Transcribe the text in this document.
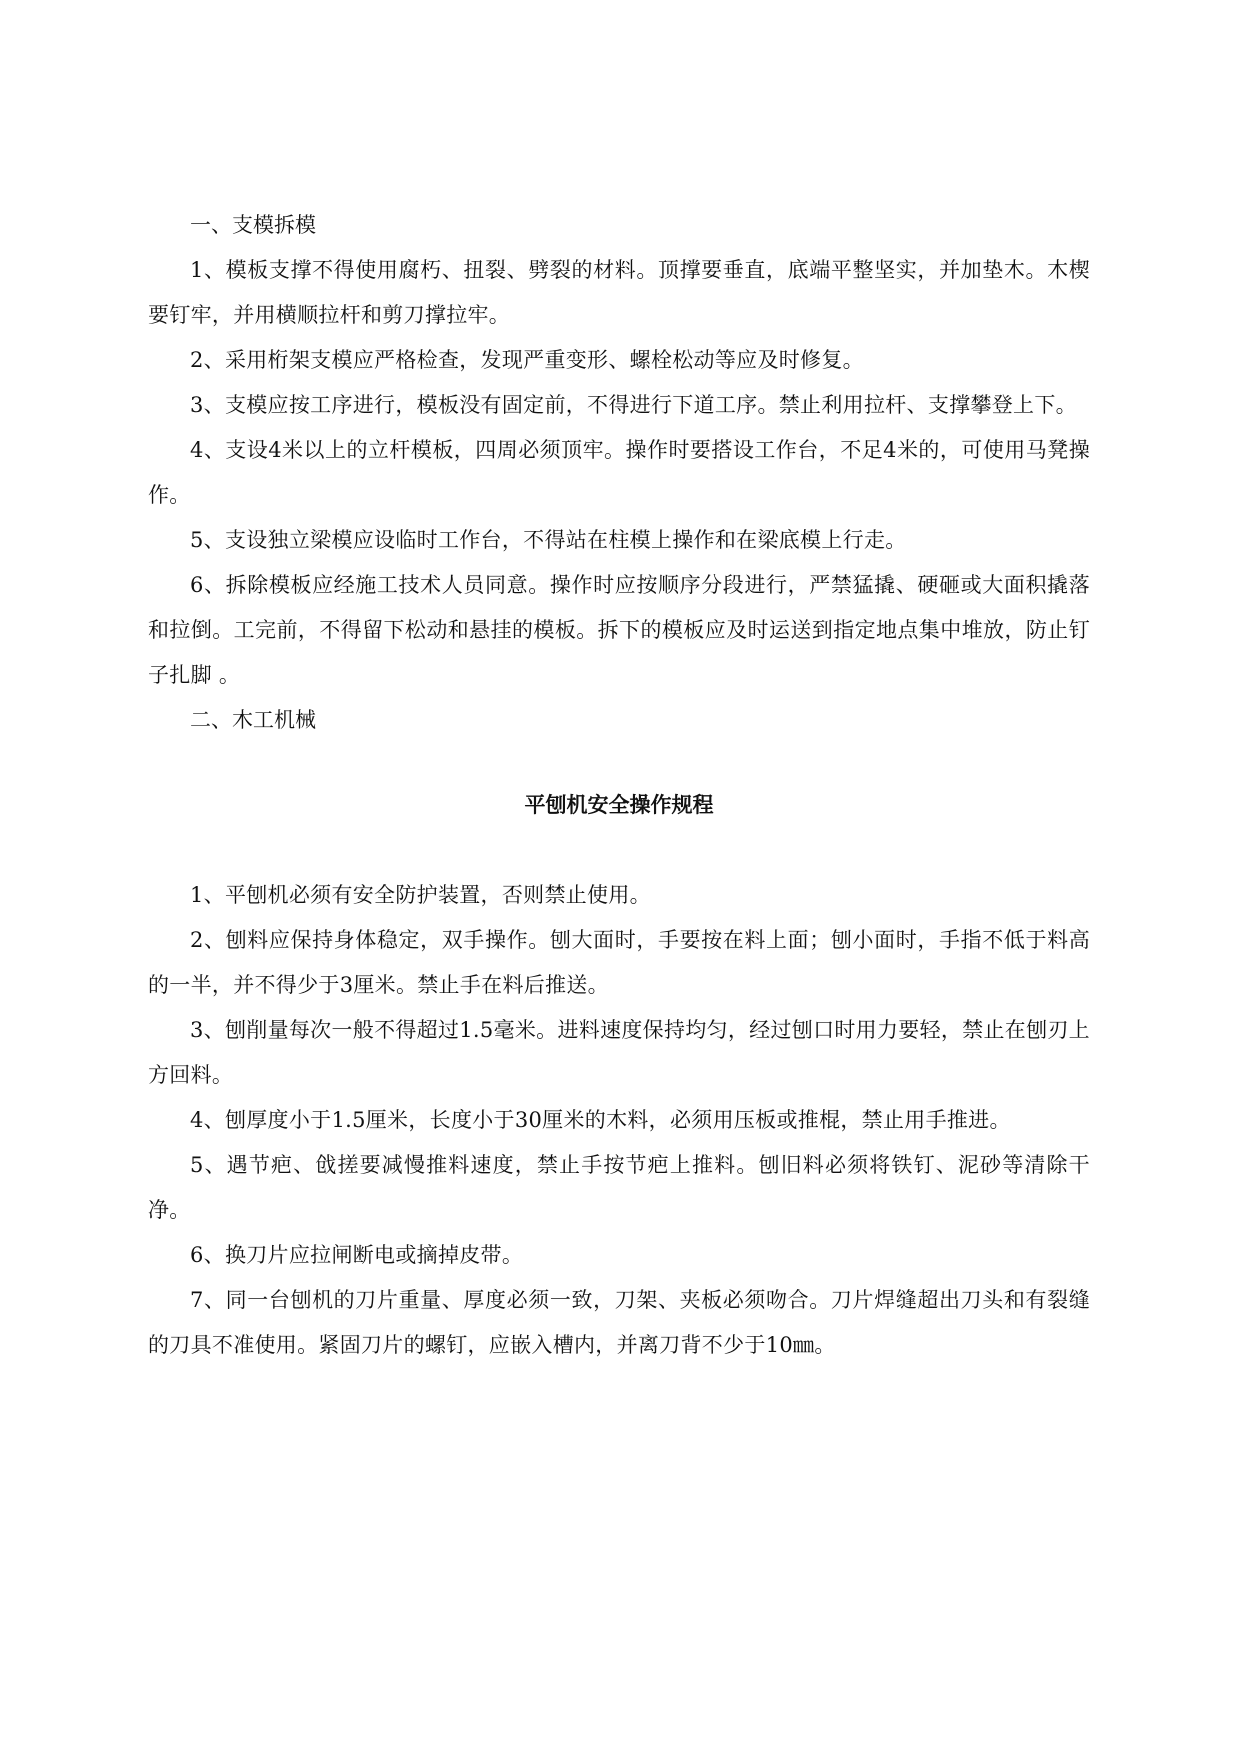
一、支模拆模

1、模板支撑不得使用腐朽、扭裂、劈裂的材料。顶撑要垂直，底端平整坚实，并加垫木。木楔要钉牢，并用横顺拉杆和剪刀撑拉牢。

2、采用桁架支模应严格检查，发现严重变形、螺栓松动等应及时修复。

3、支模应按工序进行，模板没有固定前，不得进行下道工序。禁止利用拉杆、支撑攀登上下。

4、支设4米以上的立杆模板，四周必须顶牢。操作时要搭设工作台，不足4米的，可使用马凳操作。

5、支设独立梁模应设临时工作台，不得站在柱模上操作和在梁底模上行走。

6、拆除模板应经施工技术人员同意。操作时应按顺序分段进行，严禁猛撬、硬砸或大面积撬落和拉倒。工完前，不得留下松动和悬挂的模板。拆下的模板应及时运送到指定地点集中堆放，防止钉子扎脚 。

二、木工机械

平刨机安全操作规程

1、平刨机必须有安全防护装置，否则禁止使用。

2、刨料应保持身体稳定，双手操作。刨大面时，手要按在料上面；刨小面时，手指不低于料高的一半，并不得少于3厘米。禁止手在料后推送。

3、刨削量每次一般不得超过1.5毫米。进料速度保持均匀，经过刨口时用力要轻，禁止在刨刃上方回料。

4、刨厚度小于1.5厘米，长度小于30厘米的木料，必须用压板或推棍，禁止用手推进。

5、遇节疤、戗搓要减慢推料速度，禁止手按节疤上推料。刨旧料必须将铁钉、泥砂等清除干净。

6、换刀片应拉闸断电或摘掉皮带。

7、同一台刨机的刀片重量、厚度必须一致，刀架、夹板必须吻合。刀片焊缝超出刀头和有裂缝的刀具不准使用。紧固刀片的螺钉，应嵌入槽内，并离刀背不少于10㎜。
